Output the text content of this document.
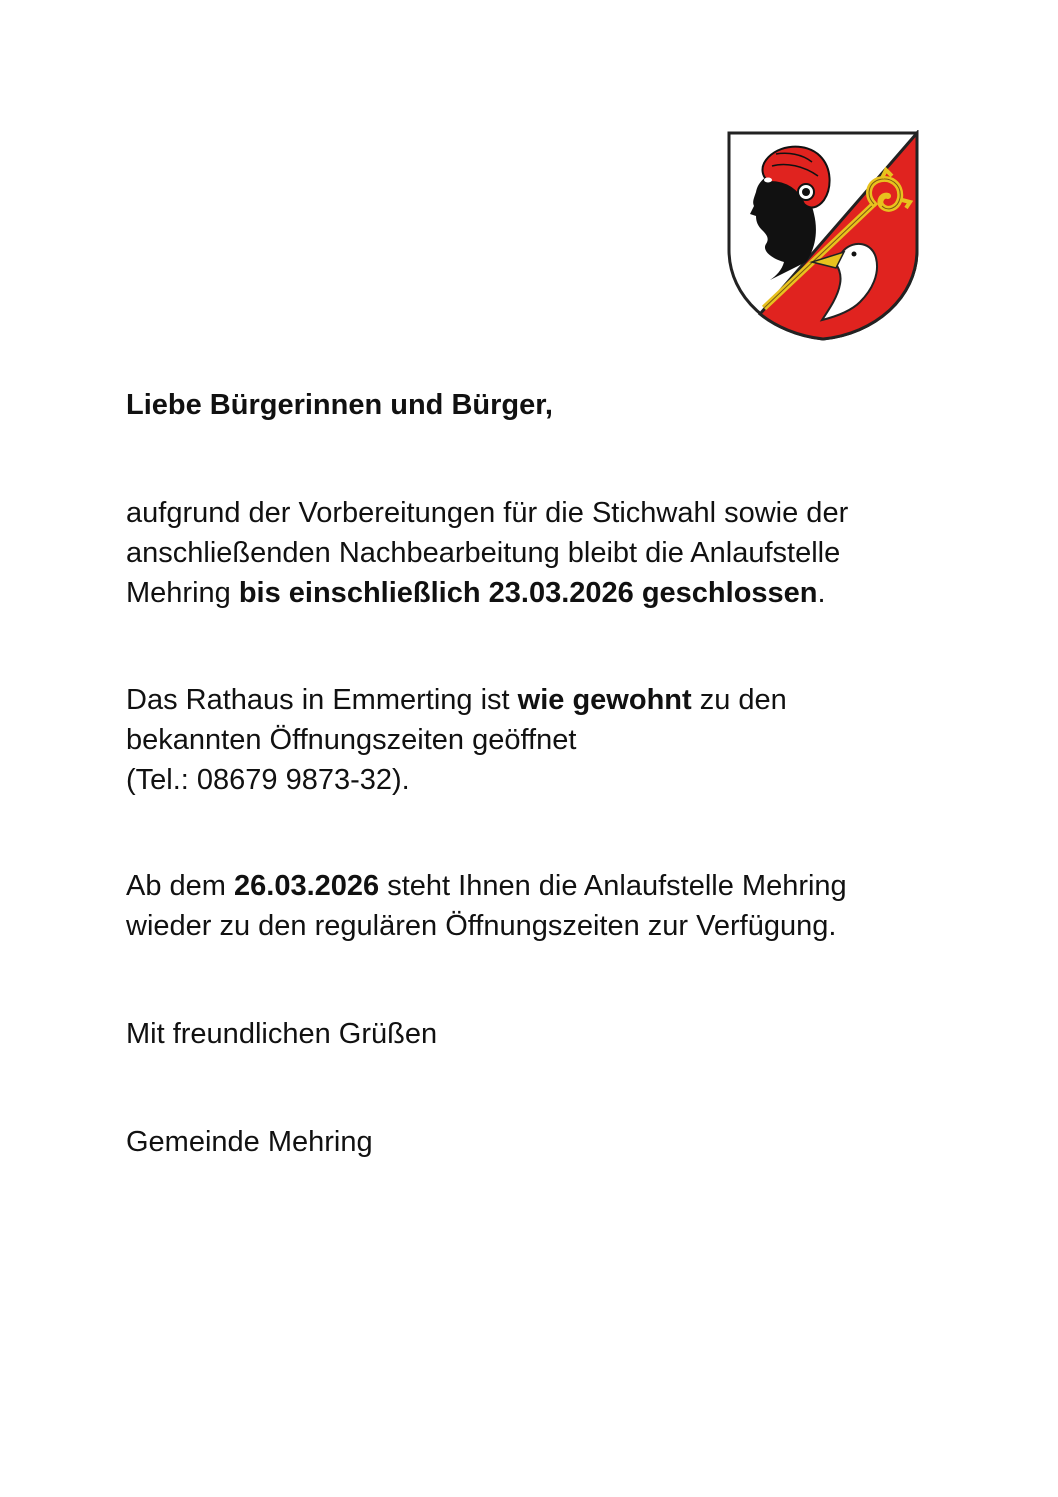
Liebe Bürgerinnen und Bürger,

aufgrund der Vorbereitungen für die Stichwahl sowie der
anschließenden Nachbearbeitung bleibt die Anlaufstelle
Mehring bis einschließlich 23.03.2026 geschlossen.

Das Rathaus in Emmerting ist wie gewohnt zu den
bekannten Öffnungszeiten geöffnet
(Tel.: 08679 9873-32).

Ab dem 26.03.2026 steht Ihnen die Anlaufstelle Mehring
wieder zu den regulären Öffnungszeiten zur Verfügung.

Mit freundlichen Grüßen

Gemeinde Mehring
